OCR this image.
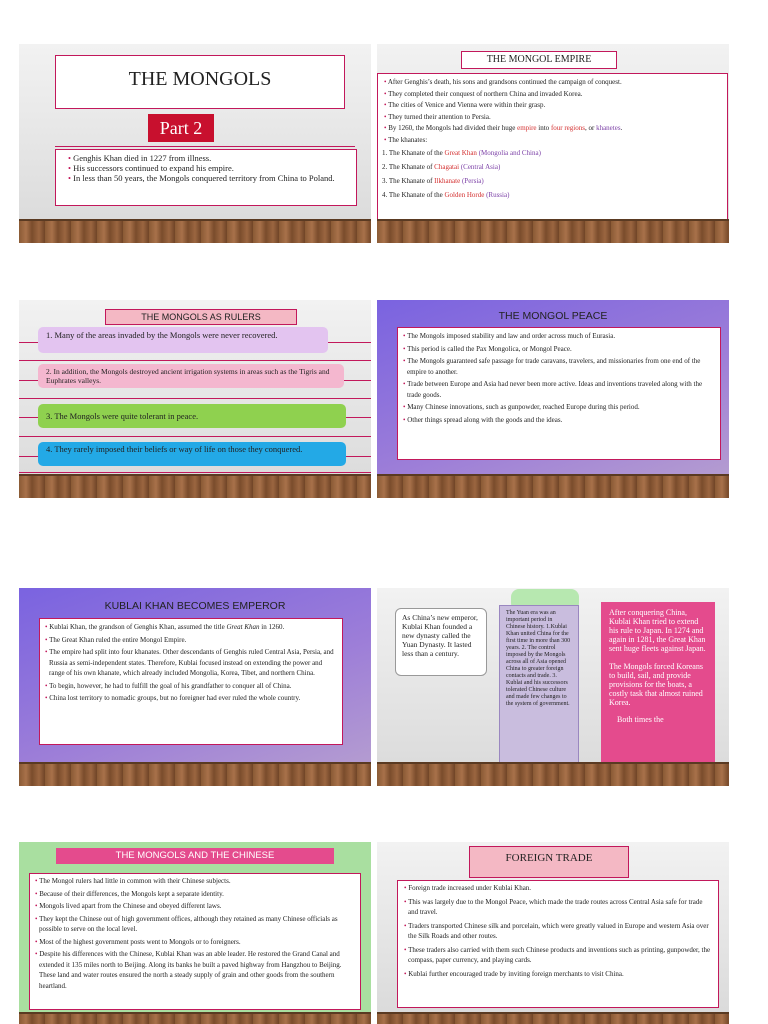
THE MONGOLS
Part 2
• Genghis Khan died in 1227 from illness.
• His successors continued to expand his empire.
• In less than 50 years, the Mongols conquered territory from China to Poland.
THE MONGOL EMPIRE
• After Genghis’s death, his sons and grandsons continued the campaign of conquest.
• They completed their conquest of northern China and invaded Korea.
• The cities of Venice and Vienna were within their grasp.
• They turned their attention to Persia.
• By 1260, the Mongols had divided their huge empire into four regions, or khanetes.
• The khanates:
1. The Khanate of the Great Khan (Mongolia and China)
2. The Khanate of Chagatai (Central Asia)
3. The Khanate of Ilkhanate (Persia)
4. The Khanate of the Golden Horde (Russia)
THE MONGOLS AS RULERS
1. Many of the areas invaded by the Mongols were never recovered.
2. In addition, the Mongols destroyed ancient irrigation systems in areas such as the Tigris and Euphrates valleys.
3. The Mongols were quite tolerant in peace.
4. They rarely imposed their beliefs or way of life on those they conquered.
THE MONGOL PEACE
• The Mongols imposed stability and law and order across much of Eurasia.
• This period is called the Pax Mongolica, or Mongol Peace.
• The Mongols guaranteed safe passage for trade caravans, travelers, and missionaries from one end of the empire to another.
• Trade between Europe and Asia had never been more active. Ideas and inventions traveled along with the trade goods.
• Many Chinese innovations, such as gunpowder, reached Europe during this period.
• Other things spread along with the goods and the ideas.
KUBLAI KHAN BECOMES EMPEROR
• Kublai Khan, the grandson of Genghis Khan, assumed the title Great Khan in 1260.
• The Great Khan ruled the entire Mongol Empire.
• The empire had split into four khanates. Other descendants of Genghis ruled Central Asia, Persia, and Russia as semi-independent states. Therefore, Kublai focused instead on extending the power and range of his own khanate, which already included Mongolia, Korea, Tibet, and northern China.
• To begin, however, he had to fulfill the goal of his grandfather to conquer all of China.
• China lost territory to nomadic groups, but no foreigner had ever ruled the whole country.
As China’s new emperor, Kublai Khan founded a new dynasty called the Yuan Dynasty. It lasted less than a century.
The Yuan era was an important period in Chinese history. 1.Kublai Khan united China for the first time in more than 300 years. 2. The control imposed by the Mongols across all of Asia opened China to greater foreign contacts and trade. 3. Kublai and his successors tolerated Chinese culture and made few changes to the system of government.
After conquering China, Kublai Khan tried to extend his rule to Japan. In 1274 and again in 1281, the Great Khan sent huge fleets against Japan.
The Mongols forced Koreans to build, sail, and provide provisions for the boats, a costly task that almost ruined Korea.
Both times the
THE MONGOLS AND THE CHINESE
• The Mongol rulers had little in common with their Chinese subjects.
• Because of their differences, the Mongols kept a separate identity.
• Mongols lived apart from the Chinese and obeyed different laws.
• They kept the Chinese out of high government offices, although they retained as many Chinese officials as possible to serve on the local level.
• Most of the highest government posts went to Mongols or to foreigners.
• Despite his differences with the Chinese, Kublai Khan was an able leader. He restored the Grand Canal and extended it 135 miles north to Beijing. Along its banks he built a paved highway from Hangzhou to Beijing. These land and water routes ensured the north a steady supply of grain and other goods from the southern heartland.
FOREIGN TRADE
• Foreign trade increased under Kublai Khan.
• This was largely due to the Mongol Peace, which made the trade routes across Central Asia safe for trade and travel.
• Traders transported Chinese silk and porcelain, which were greatly valued in Europe and western Asia over the Silk Roads and other routes.
• These traders also carried with them such Chinese products and inventions such as printing, gunpowder, the compass, paper currency, and playing cards.
• Kublai further encouraged trade by inviting foreign merchants to visit China.
